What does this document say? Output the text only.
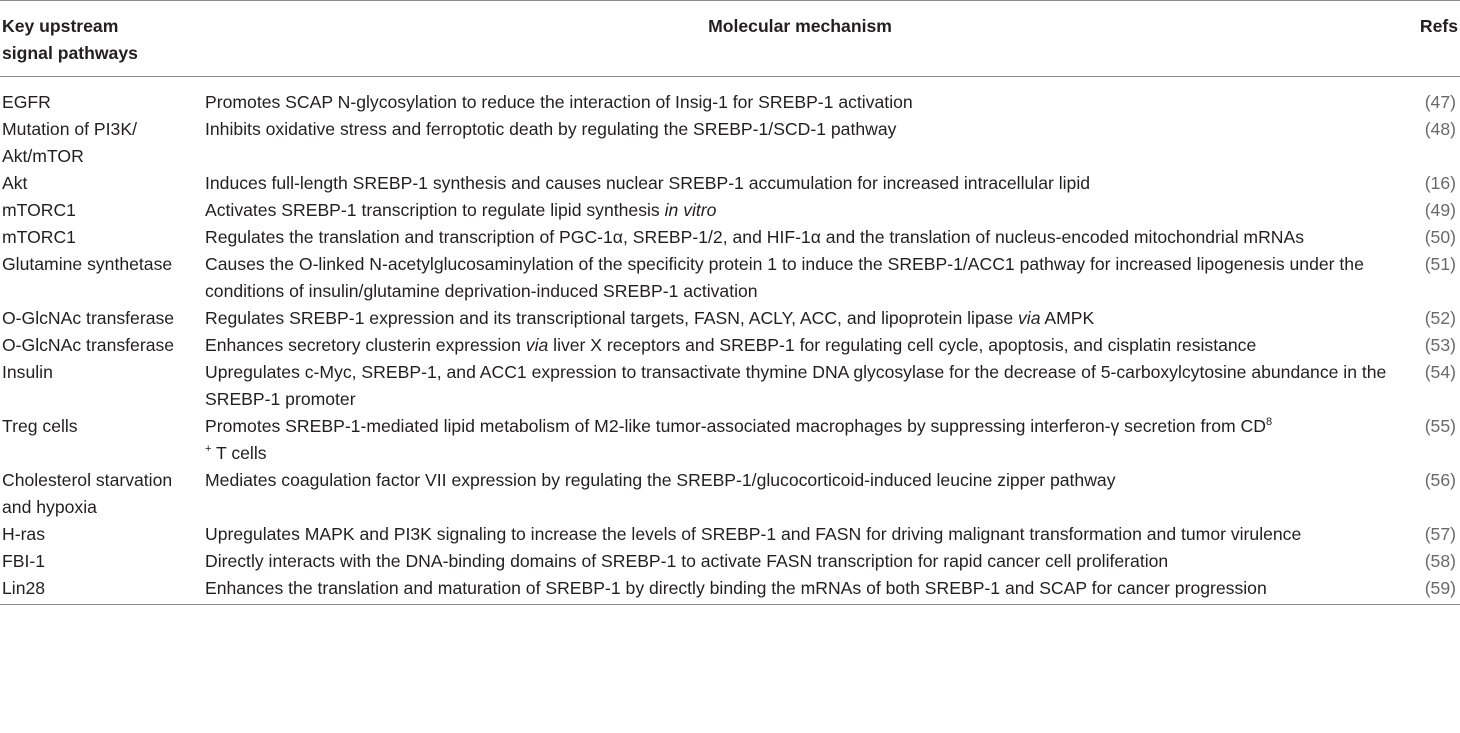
Key upstream
signal pathways	Molecular mechanism	Refs
EGFR	Promotes SCAP N-glycosylation to reduce the interaction of Insig-1 for SREBP-1 activation	(47)
Mutation of PI3K/ Akt/mTOR	Inhibits oxidative stress and ferroptotic death by regulating the SREBP-1/SCD-1 pathway	(48)
Akt	Induces full-length SREBP-1 synthesis and causes nuclear SREBP-1 accumulation for increased intracellular lipid	(16)
mTORC1	Activates SREBP-1 transcription to regulate lipid synthesis in vitro	(49)
mTORC1	Regulates the translation and transcription of PGC-1α, SREBP-1/2, and HIF-1α and the translation of nucleus-encoded mitochondrial mRNAs	(50)
Glutamine synthetase	Causes the O-linked N-acetylglucosaminylation of the specificity protein 1 to induce the SREBP-1/ACC1 pathway for increased lipogenesis under the conditions of insulin/glutamine deprivation-induced SREBP-1 activation	(51)
O-GlcNAc transferase	Regulates SREBP-1 expression and its transcriptional targets, FASN, ACLY, ACC, and lipoprotein lipase via AMPK	(52)
O-GlcNAc transferase	Enhances secretory clusterin expression via liver X receptors and SREBP-1 for regulating cell cycle, apoptosis, and cisplatin resistance	(53)
Insulin	Upregulates c-Myc, SREBP-1, and ACC1 expression to transactivate thymine DNA glycosylase for the decrease of 5-carboxylcytosine abundance in the SREBP-1 promoter	(54)
Treg cells	Promotes SREBP-1-mediated lipid metabolism of M2-like tumor-associated macrophages by suppressing interferon-γ secretion from $CD^8$
+ T cells	(55)
Cholesterol starvation and hypoxia	Mediates coagulation factor VII expression by regulating the SREBP-1/glucocorticoid-induced leucine zipper pathway	(56)
H-ras	Upregulates MAPK and PI3K signaling to increase the levels of SREBP-1 and FASN for driving malignant transformation and tumor virulence	(57)
FBI-1	Directly interacts with the DNA-binding domains of SREBP-1 to activate FASN transcription for rapid cancer cell proliferation	(58)
Lin28	Enhances the translation and maturation of SREBP-1 by directly binding the mRNAs of both SREBP-1 and SCAP for cancer progression	(59)
